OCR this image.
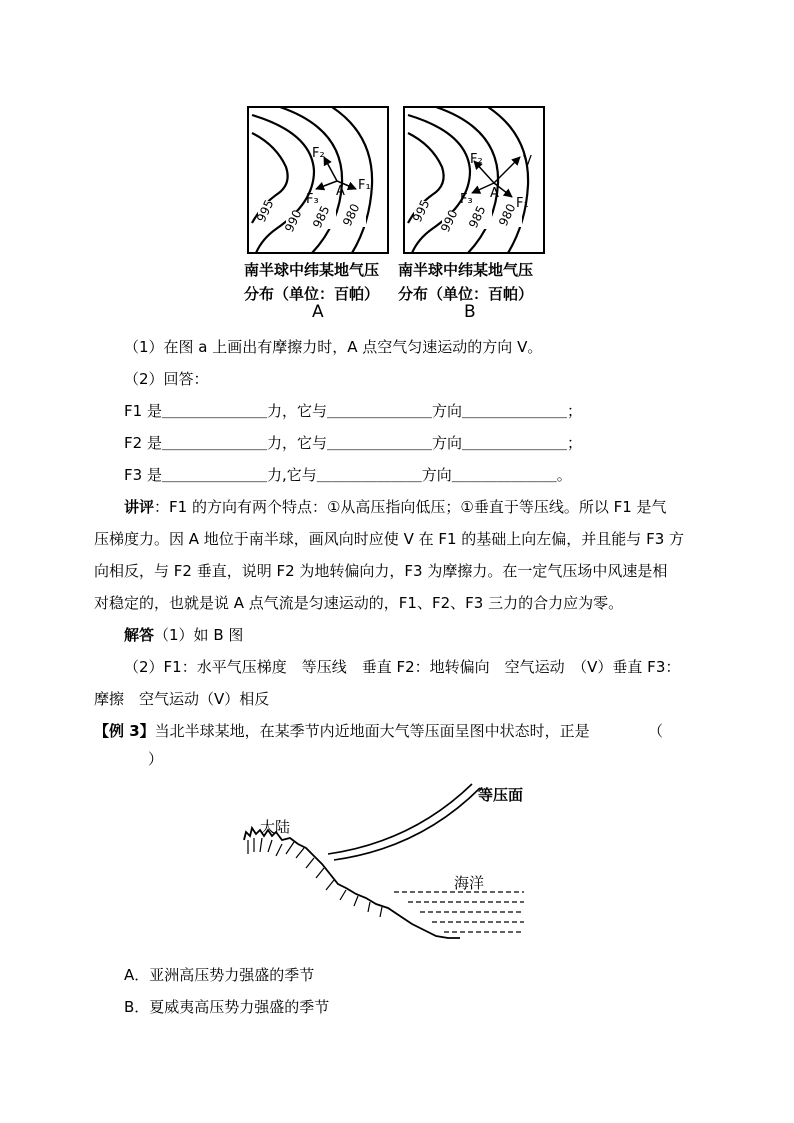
995 990 985 980
F₂
F₃
A F₁
995 990 985 980
F₂
F₃ A
F₁
V
南半球中纬某地气压 南半球中纬某地气压
分布（单位：百帕） 分布（单位：百帕）
A	B
（1）在图 a 上画出有摩擦力时，A 点空气匀速运动的方向 V。
（2）回答：
F1 是＿＿＿＿＿＿＿力，它与＿＿＿＿＿＿＿方向＿＿＿＿＿＿＿；
F2 是＿＿＿＿＿＿＿力，它与＿＿＿＿＿＿＿方向＿＿＿＿＿＿＿；
F3 是＿＿＿＿＿＿＿力,它与＿＿＿＿＿＿＿方向＿＿＿＿＿＿＿。
讲评：F1 的方向有两个特点：①从高压指向低压；①垂直于等压线。所以 F1 是气
压梯度力。因 A 地位于南半球，画风向时应使 V 在 F1 的基础上向左偏，并且能与 F3 方
向相反，与 F2 垂直，说明 F2 为地转偏向力，F3 为摩擦力。在一定气压场中风速是相
对稳定的，也就是说 A 点气流是匀速运动的，F1、F2、F3 三力的合力应为零。
解答（1）如 B 图
（2）F1：水平气压梯度　等压线　垂直 F2：地转偏向　空气运动　（V）垂直 F3：
摩擦　空气运动（V）相反
【例 3】当北半球某地，在某季节内近地面大气等压面呈图中状态时，正是	（
）
等压面
大陆
海洋
A．亚洲高压势力强盛的季节
B．夏威夷高压势力强盛的季节
